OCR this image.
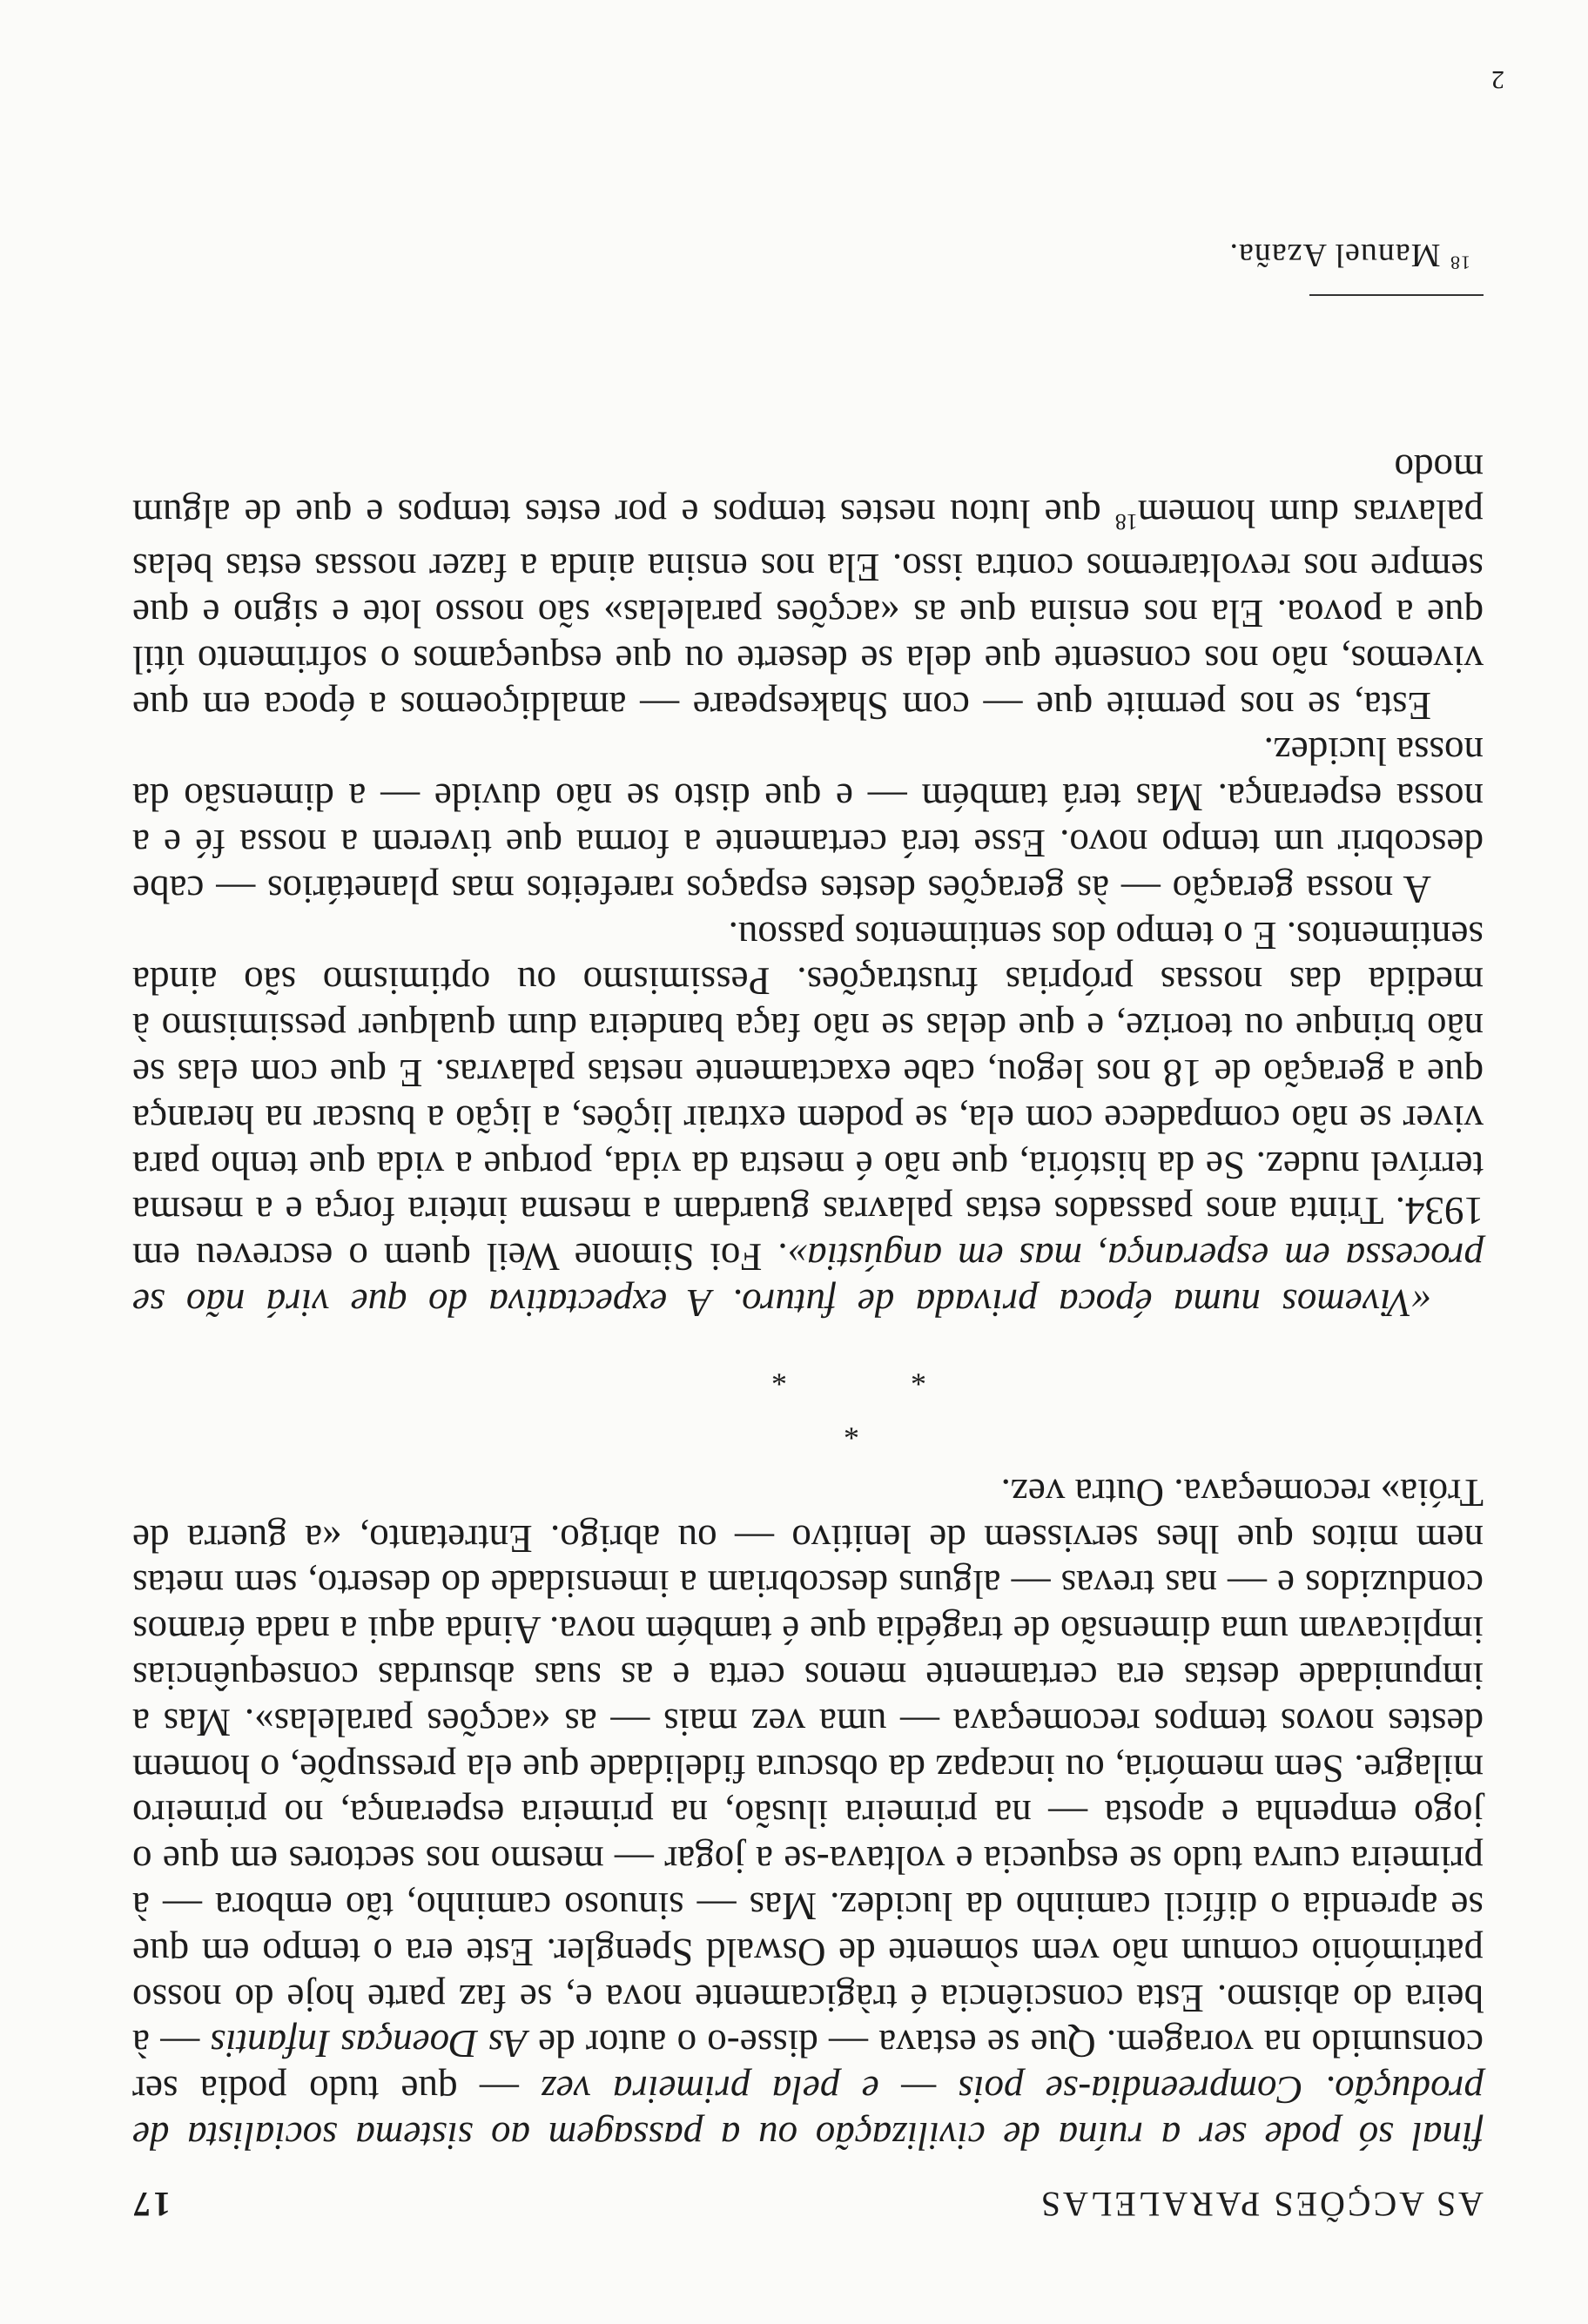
AS ACÇÕES PARALELAS
17

final só pode ser a ruína de civilização ou a passagem ao sistema socialista de produção. Compreendia-se pois — e pela primeira vez — que tudo podia ser consumido na voragem. Que se estava — disse-o o autor de As Doenças Infantis — à beira do abismo. Esta consciência é tràgicamente nova e, se faz parte hoje do nosso património comum não vem sòmente de Oswald Spengler. Este era o tempo em que se aprendia o difícil caminho da lucidez. Mas — sinuoso caminho, tão embora — à primeira curva tudo se esquecia e voltava-se a jogar — mesmo nos sectores em que o jogo empenha e aposta — na primeira ilusão, na primeira esperança, no primeiro milagre. Sem memória, ou incapaz da obscura fidelidade que ela pressupõe, o homem destes novos tempos recomeçava — uma vez mais — as «acções paralelas». Mas a impunidade destas era certamente menos certa e as suas absurdas consequências implicavam uma dimensão de tragédia que é também nova. Ainda aqui a nada éramos conduzidos e — nas trevas — alguns descobriam a imensidade do deserto, sem metas nem mitos que lhes servissem de lenitivo — ou abrigo. Entretanto, «a guerra de Tróia» recomeçava. Outra vez.

*
*
*

«Vivemos numa época privada de futuro. A expectativa do que virá não se processa em esperança, mas em angústia». Foi Simone Weil quem o escreveu em 1934. Trinta anos passados estas palavras guardam a mesma inteira força e a mesma terrível nudez. Se da história, que não é mestra da vida, porque a vida que tenho para viver se não compadece com ela, se podem extrair lições, a lição a buscar na herança que a geração de 18 nos legou, cabe exactamente nestas palavras. E que com elas se não brinque ou teorize, e que delas se não faça bandeira dum qualquer pessimismo à medida das nossas próprias frustrações. Pessimismo ou optimismo são ainda sentimentos. E o tempo dos sentimentos passou.

A nossa geração — às gerações destes espaços rarefeitos mas planetários — cabe descobrir um tempo novo. Esse terá certamente a forma que tiverem a nossa fé e a nossa esperança. Mas terá também — e que disto se não duvide — a dimensão da nossa lucidez.

Esta, se nos permite que — com Shakespeare — amaldiçoemos a época em que vivemos, não nos consente que dela se deserte ou que esqueçamos o sofrimento útil que a povoa. Ela nos ensina que as «acções paralelas» são nosso lote e signo e que sempre nos revoltaremos contra isso. Ela nos ensina ainda a fazer nossas estas belas palavras dum homem$^{18}$ que lutou nestes tempos e por estes tempos e que de algum modo

$^{18}$ Manuel Azaña.
2
